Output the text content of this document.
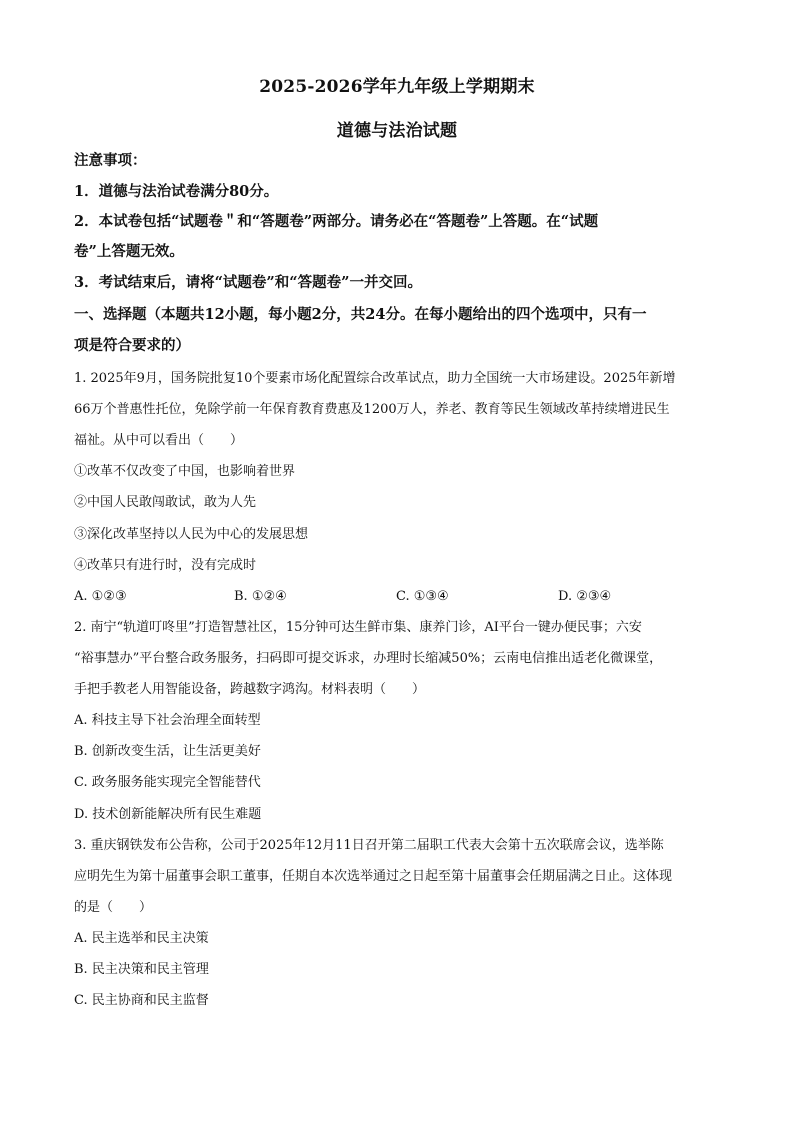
2025-2026学年九年级上学期期末
道德与法治试题
注意事项：
1．道德与法治试卷满分80分。
2．本试卷包括“试题卷＂和“答题卷”两部分。请务必在“答题卷”上答题。在“试题
卷”上答题无效。
3．考试结束后，请将“试题卷”和“答题卷”一并交回。
一、选择题（本题共12小题，每小题2分，共24分。在每小题给出的四个选项中，只有一
项是符合要求的）
1. 2025年9月，国务院批复10个要素市场化配置综合改革试点，助力全国统一大市场建设。2025年新增
66万个普惠性托位，免除学前一年保育教育费惠及1200万人，养老、教育等民生领域改革持续增进民生
福祉。从中可以看出（　　）
①改革不仅改变了中国，也影响着世界
②中国人民敢闯敢试，敢为人先
③深化改革坚持以人民为中心的发展思想
④改革只有进行时，没有完成时
A. ①②③	B. ①②④	C. ①③④	D. ②③④
2. 南宁“轨道叮咚里”打造智慧社区，15分钟可达生鲜市集、康养门诊，AI平台一键办便民事；六安
“裕事慧办”平台整合政务服务，扫码即可提交诉求，办理时长缩减50%；云南电信推出适老化微课堂，
手把手教老人用智能设备，跨越数字鸿沟。材料表明（　　）
A. 科技主导下社会治理全面转型
B. 创新改变生活，让生活更美好
C. 政务服务能实现完全智能替代
D. 技术创新能解决所有民生难题
3. 重庆钢铁发布公告称，公司于2025年12月11日召开第二届职工代表大会第十五次联席会议，选举陈
应明先生为第十届董事会职工董事，任期自本次选举通过之日起至第十届董事会任期届满之日止。这体现
的是（　　）
A. 民主选举和民主决策
B. 民主决策和民主管理
C. 民主协商和民主监督
